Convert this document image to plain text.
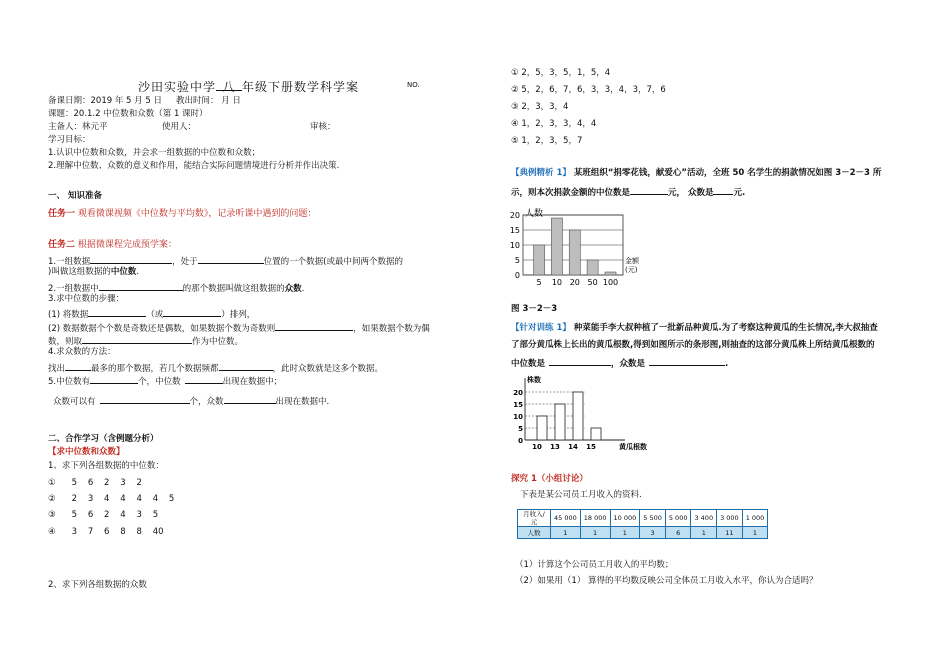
沙田实验中学 八 年级下册数学科学案	NO.
备课日期：2019 年 5 月 5 日 教出时间： 月 日
课题：20.1.2 中位数和众数（第 1 课时）
主备人：林元平	使用人：	审核：
学习目标：
1.认识中位数和众数，并会求一组数据的中位数和众数；
2.理解中位数、众数的意义和作用，能结合实际问题情境进行分析并作出决策.
一、 知识准备
任务一 观看微课视频《中位数与平均数》，记录听课中遇到的问题：
任务二 根据微课程完成预学案：
1.一组数据	，处于	位置的一个数据(或最中间两个数据的
)叫做这组数据的中位数.
2.一组数据中	的那个数据叫做这组数据的众数.
3.求中位数的步骤：
(1) 将数据	（或	）排列，
(2) 数据数据个个数是奇数还是偶数，如果数据个数为奇数则	，如果数据个数为偶
数，则取	作为中位数。
4.求众数的方法：
找出	最多的那个数据，若几个数据频都	，此时众数就是这多个数据。
5.中位数有	个，中位数	出现在数据中；
众数可以有	个，众数	出现在数据中.
二、合作学习（含例题分析）
【求中位数和众数】
1、求下列各组数据的中位数：
① 5    6    2    3    2
② 2    3    4    4    4    4    5
③ 5    6    2    4    3    5
④ 3    7    6    8    8    40
2、求下列各组数据的众数
① 2，5，3，5，1，5，4
② 5，2，6，7，6，3，3，4，3，7，6
③ 2，3，3，4
④ 1，2，3，3，4，4
⑤ 1，2，3，5，7
【典例精析 1】 某班组织“捐零花钱，献爱心”活动，全班 50 名学生的捐款情况如图 3－2－3 所
示，则本次捐款金额的中位数是	元， 众数是 元.
0
5
10
15
20
5 10 20 50 100
人数
金额(元)
图 3－2－3
【针对训练 1】 种菜能手李大叔种植了一批新品种黄瓜.为了考察这种黄瓜的生长情况,李大叔抽查
了部分黄瓜株上长出的黄瓜根数,得到如图所示的条形图,则抽查的这部分黄瓜株上所结黄瓜根数的
中位数是	，众数是	.
株数
0
5
10
15
20
10 13 14 15	黄瓜根数
探究 1（小组讨论）
下表是某公司员工月收入的资料.
月收入/元	45 000	18 000	10 000	5 500	5 000	3 400	3 000	1 000
人数	1	1	1	3	6	1	11	1
（1）计算这个公司员工月收入的平均数；
（2）如果用（1） 算得的平均数反映公司全体员工月收入水平，你认为合适吗？
